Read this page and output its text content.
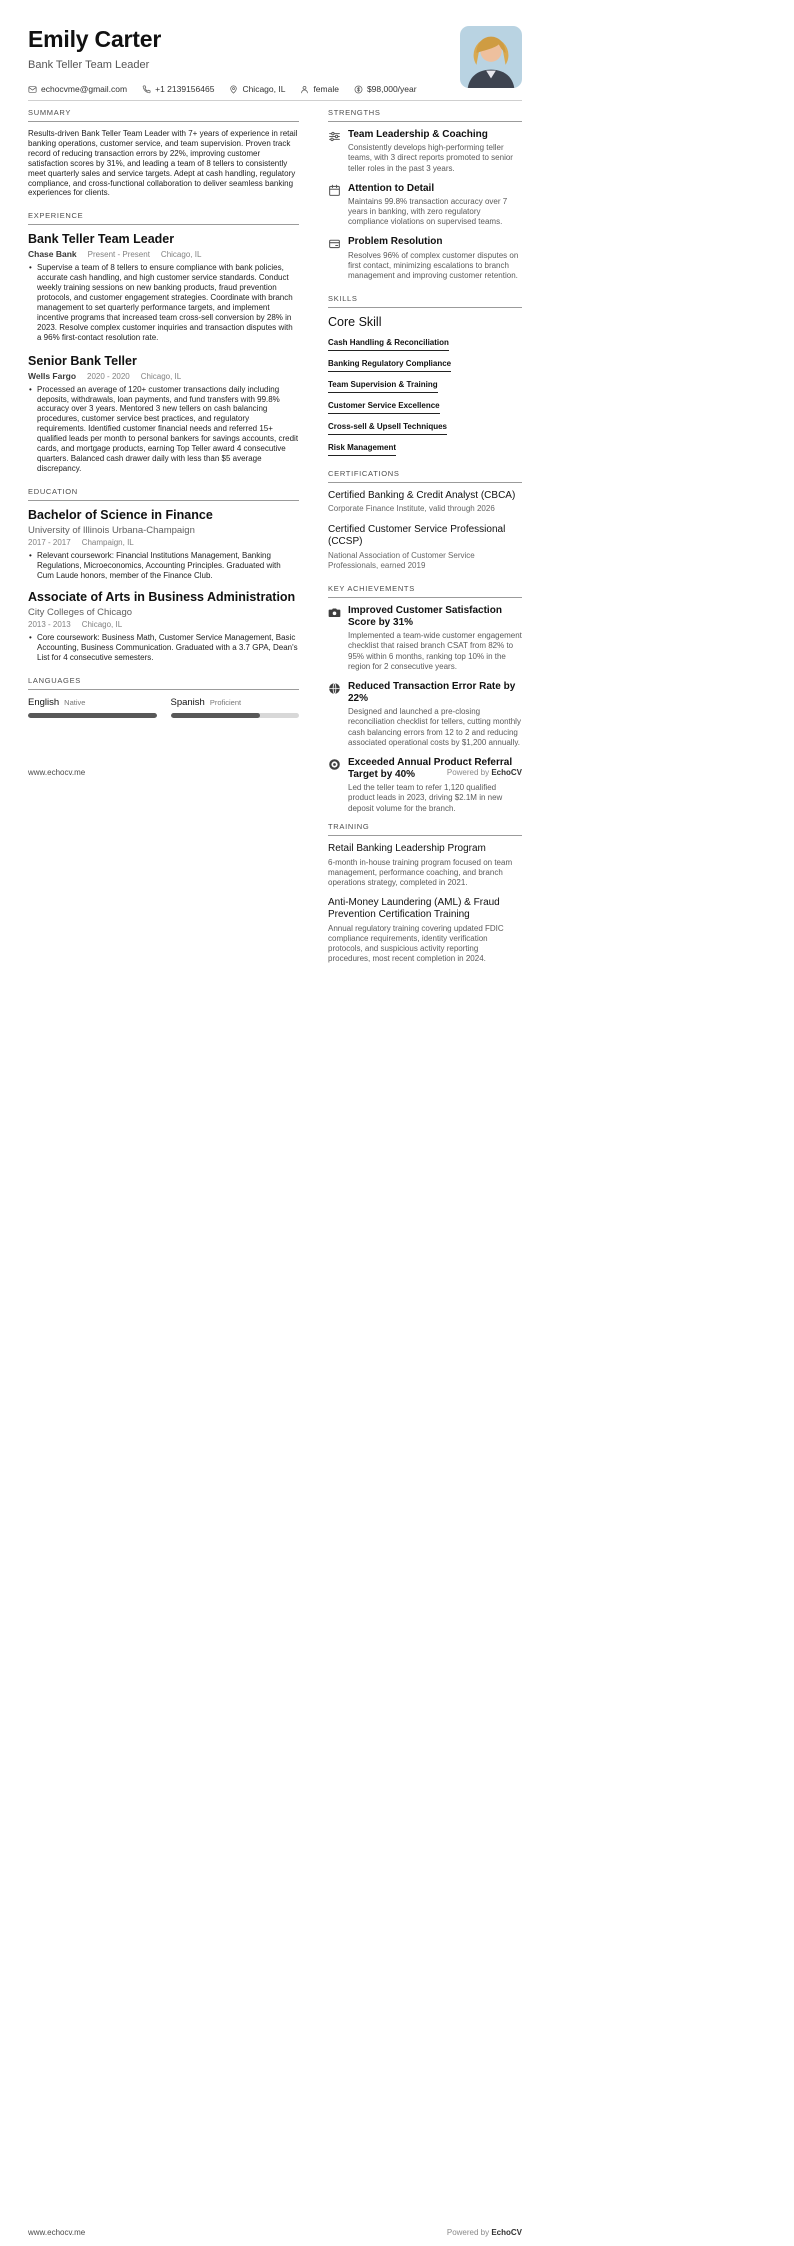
Emily Carter
Bank Teller Team Leader
echocvme@gmail.com	+1 2139156465	Chicago, IL	female	$98,000/year
SUMMARY

Results-driven Bank Teller Team Leader with 7+ years of experience in retail banking operations, customer service, and team supervision. Proven track record of reducing transaction errors by 22%, improving customer satisfaction scores by 31%, and leading a team of 8 tellers to consistently meet quarterly sales and service targets. Adept at cash handling, regulatory compliance, and cross-functional collaboration to deliver seamless banking experiences for clients.

EXPERIENCE
Bank Teller Team Leader
Chase Bank Present - Present Chicago, IL
• Supervise a team of 8 tellers to ensure compliance with bank policies, accurate cash handling, and high customer service standards. Conduct weekly training sessions on new banking products, fraud prevention protocols, and customer engagement strategies. Coordinate with branch management to set quarterly performance targets, and implement incentive programs that increased team cross-sell conversion by 28% in 2023. Resolve complex customer inquiries and transaction disputes with a 96% first-contact resolution rate.
Senior Bank Teller
Wells Fargo 2020 - 2020 Chicago, IL
• Processed an average of 120+ customer transactions daily including deposits, withdrawals, loan payments, and fund transfers with 99.8% accuracy over 3 years. Mentored 3 new tellers on cash balancing procedures, customer service best practices, and regulatory requirements. Identified customer financial needs and referred 15+ qualified leads per month to personal bankers for savings accounts, credit cards, and mortgage products, earning Top Teller award 4 consecutive quarters. Balanced cash drawer daily with less than $5 average discrepancy.
EDUCATION
Bachelor of Science in Finance
University of Illinois Urbana-Champaign
2017 - 2017 Champaign, IL
• Relevant coursework: Financial Institutions Management, Banking Regulations, Microeconomics, Accounting Principles. Graduated with Cum Laude honors, member of the Finance Club.
Associate of Arts in Business Administration
City Colleges of Chicago
2013 - 2013 Chicago, IL
• Core coursework: Business Math, Customer Service Management, Basic Accounting, Business Communication. Graduated with a 3.7 GPA, Dean's List for 4 consecutive semesters.
LANGUAGES
English Native	Spanish Proficient
STRENGTHS
Team Leadership & Coaching
Consistently develops high-performing teller teams, with 3 direct reports promoted to senior teller roles in the past 3 years.
Attention to Detail
Maintains 99.8% transaction accuracy over 7 years in banking, with zero regulatory compliance violations on supervised teams.
Problem Resolution
Resolves 96% of complex customer disputes on first contact, minimizing escalations to branch management and improving customer retention.
SKILLS
Core Skill
Cash Handling & Reconciliation
Banking Regulatory Compliance
Team Supervision & Training
Customer Service Excellence
Cross-sell & Upsell Techniques
Risk Management
CERTIFICATIONS
Certified Banking & Credit Analyst (CBCA)
Corporate Finance Institute, valid through 2026
Certified Customer Service Professional (CCSP)
National Association of Customer Service Professionals, earned 2019
KEY ACHIEVEMENTS
Improved Customer Satisfaction Score by 31%
Implemented a team-wide customer engagement checklist that raised branch CSAT from 82% to 95% within 6 months, ranking top 10% in the region for 2 consecutive years.
Reduced Transaction Error Rate by 22%
Designed and launched a pre-closing reconciliation checklist for tellers, cutting monthly cash balancing errors from 12 to 2 and reducing associated operational costs by $1,200 annually.
Exceeded Annual Product Referral Target by 40%
Led the teller team to refer 1,120 qualified product leads in 2023, driving $2.1M in new deposit volume for the branch.
www.echocv.me	Powered by EchoCV
TRAINING
Retail Banking Leadership Program
6-month in-house training program focused on team management, performance coaching, and branch operations strategy, completed in 2021.
Anti-Money Laundering (AML) & Fraud Prevention Certification Training
Annual regulatory training covering updated FDIC compliance requirements, identity verification protocols, and suspicious activity reporting procedures, most recent completion in 2024.
www.echocv.me	Powered by EchoCV
